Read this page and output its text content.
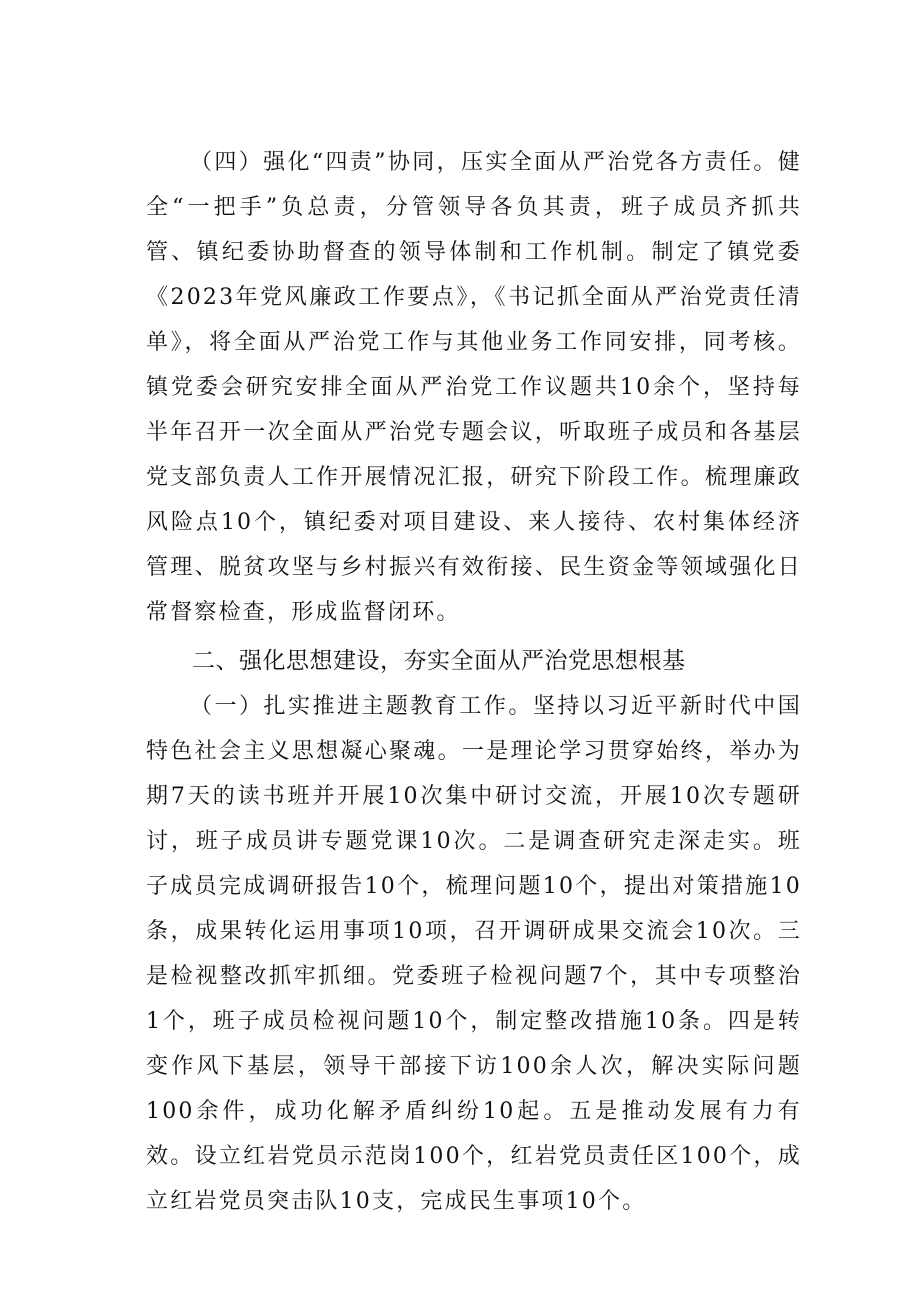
（四）强化“四责”协同，压实全面从严治党各方责任。健全“一把手”负总责，分管领导各负其责，班子成员齐抓共管、镇纪委协助督查的领导体制和工作机制。制定了镇党委《2023年党风廉政工作要点》，《书记抓全面从严治党责任清单》，将全面从严治党工作与其他业务工作同安排，同考核。镇党委会研究安排全面从严治党工作议题共10余个，坚持每半年召开一次全面从严治党专题会议，听取班子成员和各基层党支部负责人工作开展情况汇报，研究下阶段工作。梳理廉政风险点10个，镇纪委对项目建设、来人接待、农村集体经济管理、脱贫攻坚与乡村振兴有效衔接、民生资金等领域强化日常督察检查，形成监督闭环。

二、强化思想建设，夯实全面从严治党思想根基

（一）扎实推进主题教育工作。坚持以习近平新时代中国特色社会主义思想凝心聚魂。一是理论学习贯穿始终，举办为期7天的读书班并开展10次集中研讨交流，开展10次专题研讨，班子成员讲专题党课10次。二是调查研究走深走实。班子成员完成调研报告10个，梳理问题10个，提出对策措施10条，成果转化运用事项10项，召开调研成果交流会10次。三是检视整改抓牢抓细。党委班子检视问题7个，其中专项整治1个，班子成员检视问题10个，制定整改措施10条。四是转变作风下基层，领导干部接下访100余人次，解决实际问题100余件，成功化解矛盾纠纷10起。五是推动发展有力有效。设立红岩党员示范岗100个，红岩党员责任区100个，成立红岩党员突击队10支，完成民生事项10个。
